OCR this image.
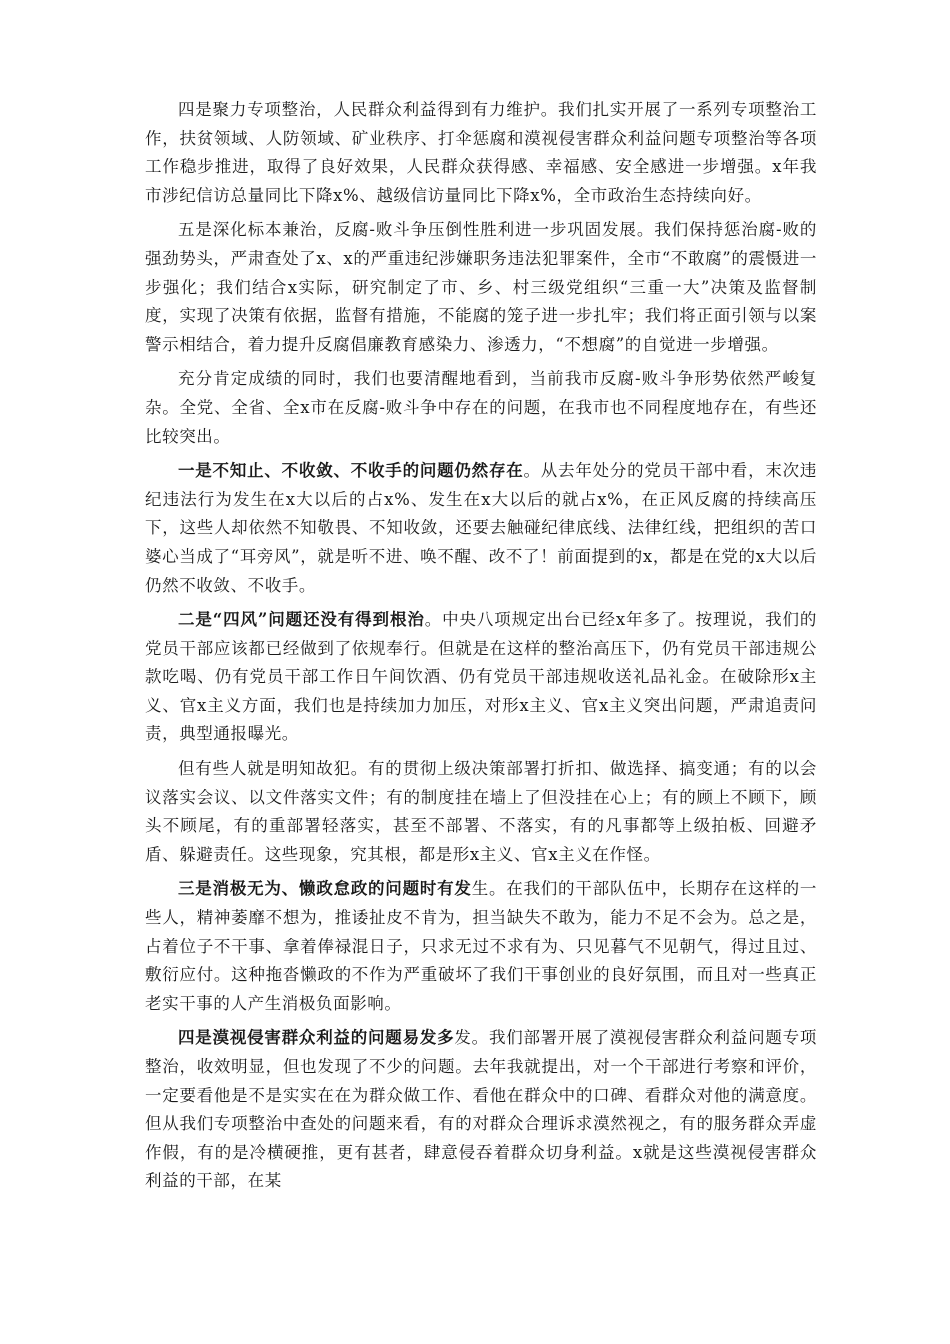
四是聚力专项整治，人民群众利益得到有力维护。我们扎实开展了一系列专项整治工作，扶贫领域、人防领域、矿业秩序、打伞惩腐和漠视侵害群众利益问题专项整治等各项工作稳步推进，取得了良好效果，人民群众获得感、幸福感、安全感进一步增强。x年我市涉纪信访总量同比下降x%、越级信访量同比下降x%，全市政治生态持续向好。

五是深化标本兼治，反腐-败斗争压倒性胜利进一步巩固发展。我们保持惩治腐-败的强劲势头，严肃查处了x、x的严重违纪涉嫌职务违法犯罪案件，全市“不敢腐”的震慑进一步强化；我们结合x实际，研究制定了市、乡、村三级党组织“三重一大”决策及监督制度，实现了决策有依据，监督有措施，不能腐的笼子进一步扎牢；我们将正面引领与以案警示相结合，着力提升反腐倡廉教育感染力、渗透力，“不想腐”的自觉进一步增强。

充分肯定成绩的同时，我们也要清醒地看到，当前我市反腐-败斗争形势依然严峻复杂。全党、全省、全x市在反腐-败斗争中存在的问题，在我市也不同程度地存在，有些还比较突出。

一是不知止、不收敛、不收手的问题仍然存在。从去年处分的党员干部中看，末次违纪违法行为发生在x大以后的占x%、发生在x大以后的就占x%，在正风反腐的持续高压下，这些人却依然不知敬畏、不知收敛，还要去触碰纪律底线、法律红线，把组织的苦口婆心当成了“耳旁风”，就是听不进、唤不醒、改不了！前面提到的x，都是在党的x大以后仍然不收敛、不收手。

二是“四风”问题还没有得到根治。中央八项规定出台已经x年多了。按理说，我们的党员干部应该都已经做到了依规奉行。但就是在这样的整治高压下，仍有党员干部违规公款吃喝、仍有党员干部工作日午间饮酒、仍有党员干部违规收送礼品礼金。在破除形x主义、官x主义方面，我们也是持续加力加压，对形x主义、官x主义突出问题，严肃追责问责，典型通报曝光。

但有些人就是明知故犯。有的贯彻上级决策部署打折扣、做选择、搞变通；有的以会议落实会议、以文件落实文件；有的制度挂在墙上了但没挂在心上；有的顾上不顾下，顾头不顾尾，有的重部署轻落实，甚至不部署、不落实，有的凡事都等上级拍板、回避矛盾、躲避责任。这些现象，究其根，都是形x主义、官x主义在作怪。

三是消极无为、懒政怠政的问题时有发生。在我们的干部队伍中，长期存在这样的一些人，精神萎靡不想为，推诿扯皮不肯为，担当缺失不敢为，能力不足不会为。总之是，占着位子不干事、拿着俸禄混日子，只求无过不求有为、只见暮气不见朝气，得过且过、敷衍应付。这种拖沓懒政的不作为严重破坏了我们干事创业的良好氛围，而且对一些真正老实干事的人产生消极负面影响。

四是漠视侵害群众利益的问题易发多发。我们部署开展了漠视侵害群众利益问题专项整治，收效明显，但也发现了不少的问题。去年我就提出，对一个干部进行考察和评价，一定要看他是不是实实在在为群众做工作、看他在群众中的口碑、看群众对他的满意度。但从我们专项整治中查处的问题来看，有的对群众合理诉求漠然视之，有的服务群众弄虚作假，有的是冷横硬推，更有甚者，肆意侵吞着群众切身利益。x就是这些漠视侵害群众利益的干部，在某
